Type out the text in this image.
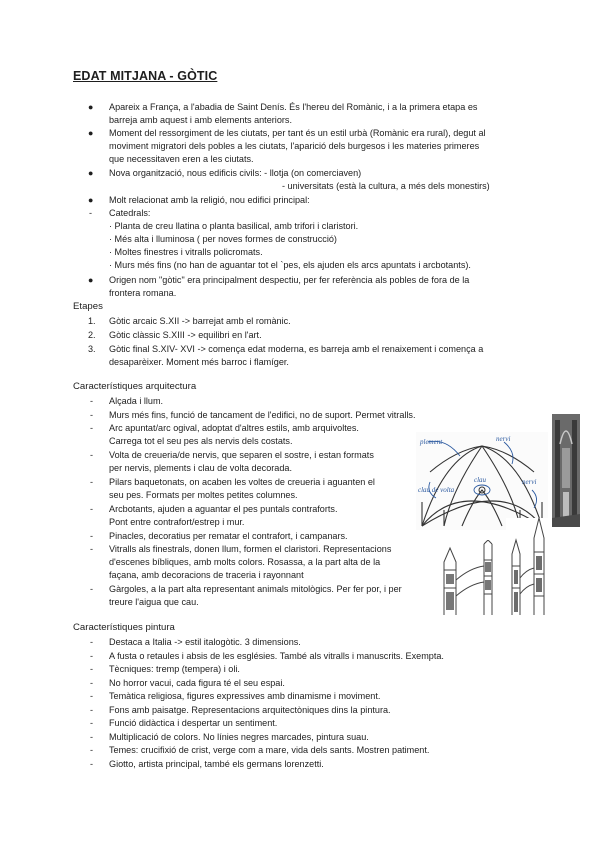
EDAT MITJANA - GÒTIC
● Apareix a França, a l'abadia de Saint Denís. És l'hereu del Romànic, i a la primera etapa es
barreja amb aquest i amb elements anteriors.
● Moment del ressorgiment de les ciutats, per tant és un estil urbà (Romànic era rural), degut al
moviment migratori dels pobles a les ciutats, l'aparició dels burgesos i les materies primeres
que necessitaven eren a les ciutats.
● Nova organització, nous edificis civils: - llotja (on comerciaven)
- universitats (està la cultura, a més dels monestirs)
● Molt relacionat amb la religió, nou edifici principal:
- Catedrals:
· Planta de creu llatina o planta basilical, amb trifori i claristori.
· Més alta i lluminosa ( per noves formes de construcció)
· Moltes finestres i vitralls policromats.
· Murs més fins (no han de aguantar tot el `pes, els ajuden els arcs apuntats i arcbotants).
● Origen nom "gòtic" era principalment despectiu, per fer referència als pobles de fora de la
frontera romana.
Etapes
1. Gòtic arcaic S.XII -> barrejat amb el romànic.
2. Gòtic clàssic S.XIII -> equilibri en l'art.
3. Gòtic final S.XIV- XVI -> comença edat moderna, es barreja amb el renaixement i comença a
desaparèixer. Moment més barroc i flamíger.
Característiques arquitectura
- Alçada i llum.
- Murs més fins, funció de tancament de l'edifici, no de suport. Permet vitralls.
- Arc apuntat/arc ogival, adoptat d'altres estils, amb arquivoltes.
Carrega tot el seu pes als nervis dels costats.
- Volta de creueria/de nervis, que separen el sostre, i estan formats
per nervis, plements i clau de volta decorada.
- Pilars baquetonats, on acaben les voltes de creueria i aguanten el
seu pes. Formats per moltes petites columnes.
- Arcbotants, ajuden a aguantar el pes puntals contraforts.
Pont entre contrafort/estrep i mur.
- Pinacles, decoratius per rematar el contrafort, i campanars.
- Vitralls als finestrals, donen llum, formen el claristori. Representacions
d'escenes bíbliques, amb molts colors. Rosassa, a la part alta de la
façana, amb decoracions de traceria i rayonnant
- Gàrgoles, a la part alta representant animals mitològics. Per fer por, i per
treure l'aigua que cau.
Característiques pintura
- Destaca a Italia -> estil italogòtic. 3 dimensions.
- A fusta o retaules i absis de les esglésies. També als vitralls i manuscrits. Exempta.
- Tècniques: tremp (tempera) i oli.
- No horror vacui, cada figura té el seu espai.
- Temàtica religiosa, figures expressives amb dinamisme i moviment.
- Fons amb paisatge. Representacions arquitectòniques dins la pintura.
- Funció didàctica i despertar un sentiment.
- Multiplicació de colors. No línies negres marcades, pintura suau.
- Temes: crucifixió de crist, verge com a mare, vida dels sants. Mostren patiment.
- Giotto, artista principal, també els germans lorenzetti.
plement	nervi
clau de volta
clau	nervi
